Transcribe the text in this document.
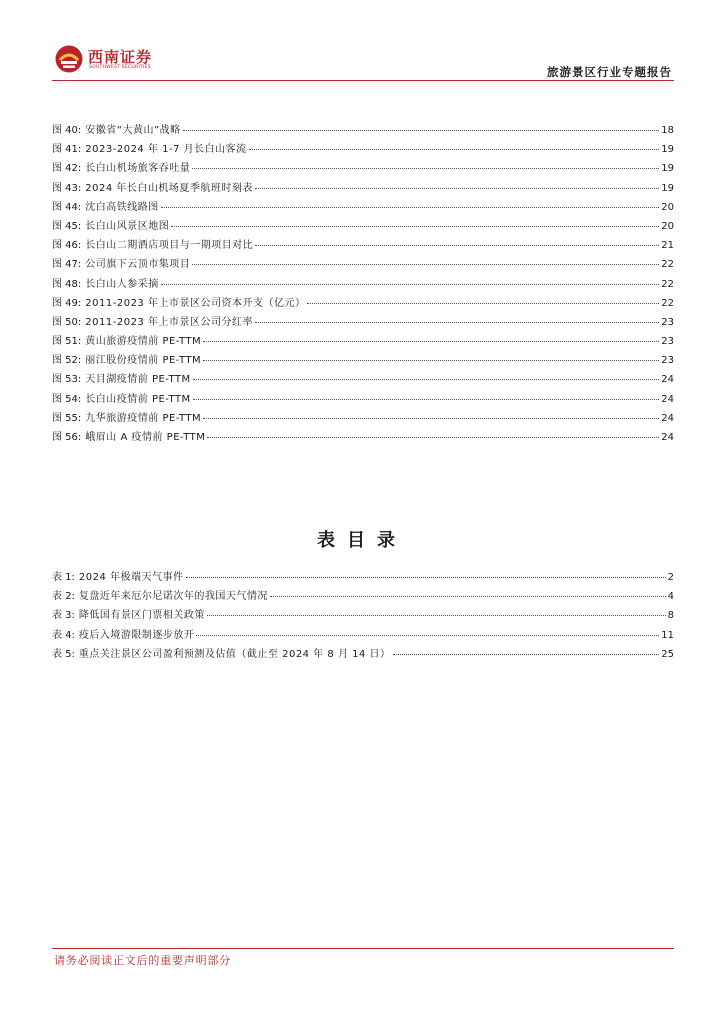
西南证券
SOUTHWEST SECURITIES	旅游景区行业专题报告
图 40: 安徽省“大黄山”战略	18
图 41: 2023-2024 年 1-7 月长白山客流	19
图 42: 长白山机场旅客吞吐量	19
图 43: 2024 年长白山机场夏季航班时刻表	19
图 44: 沈白高铁线路图	20
图 45: 长白山风景区地图	20
图 46: 长白山二期酒店项目与一期项目对比	21
图 47: 公司旗下云顶市集项目	22
图 48: 长白山人参采摘	22
图 49: 2011-2023 年上市景区公司资本开支（亿元）	22
图 50: 2011-2023 年上市景区公司分红率	23
图 51: 黄山旅游疫情前 PE-TTM	23
图 52: 丽江股份疫情前 PE-TTM	23
图 53: 天目湖疫情前 PE-TTM	24
图 54: 长白山疫情前 PE-TTM	24
图 55: 九华旅游疫情前 PE-TTM	24
图 56: 峨眉山 A 疫情前 PE-TTM	24
表目录
表 1: 2024 年极端天气事件	2
表 2: 复盘近年来厄尔尼诺次年的我国天气情况	4
表 3: 降低国有景区门票相关政策	8
表 4: 疫后入境游限制逐步放开	11
表 5: 重点关注景区公司盈利预测及估值（截止至 2024 年 8 月 14 日）	25
请务必阅读正文后的重要声明部分
